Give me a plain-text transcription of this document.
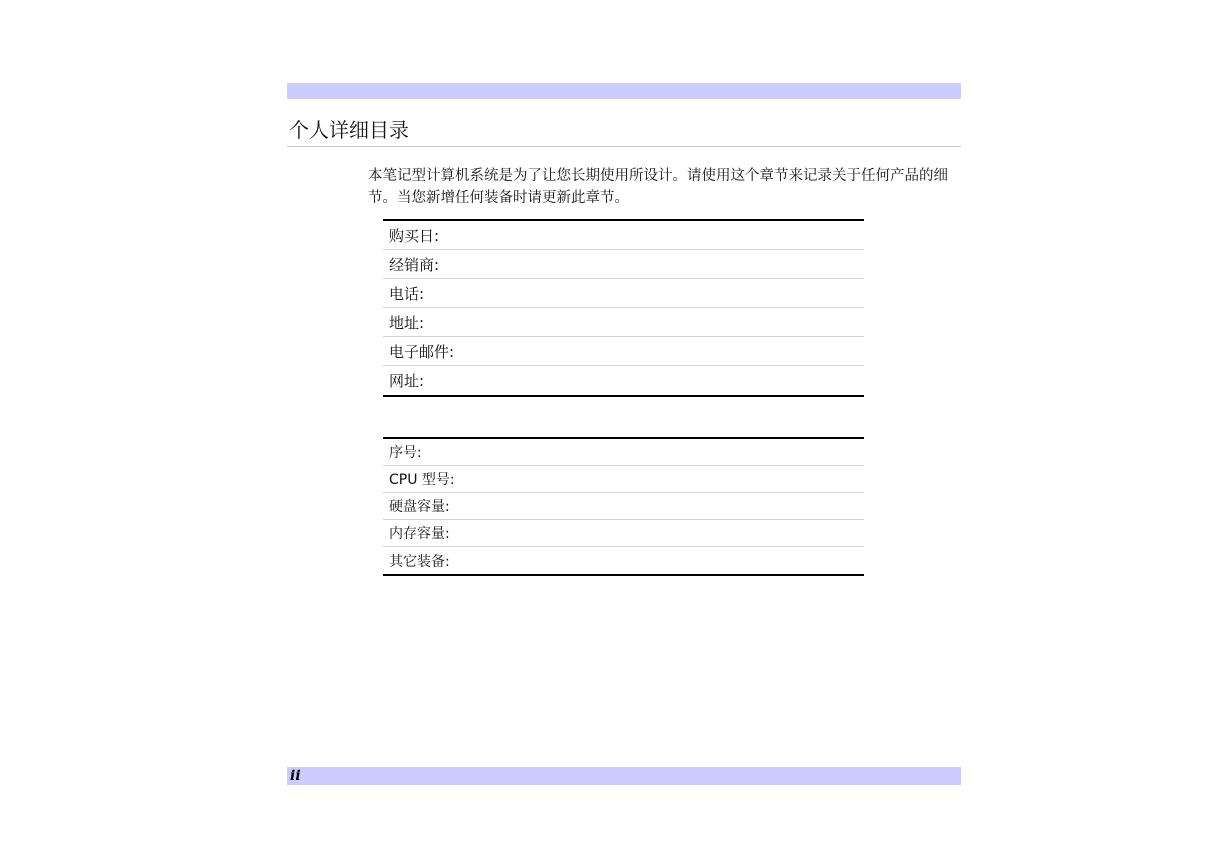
个人详细目录
本笔记型计算机系统是为了让您长期使用所设计。请使用这个章节来记录关于任何产品的细节。当您新增任何装备时请更新此章节。
购买日:
经销商:
电话:
地址:
电子邮件:
网址:
序号:
CPU 型号:
硬盘容量:
内存容量:
其它装备:
ii
